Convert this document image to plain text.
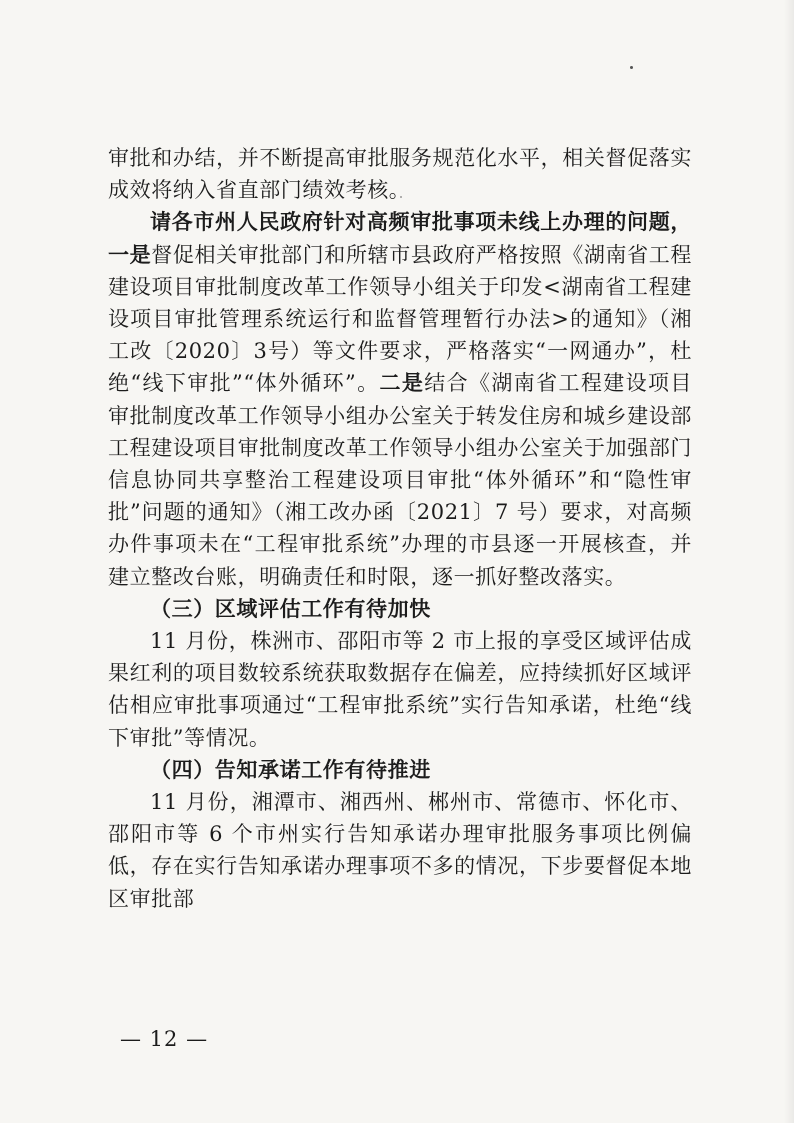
审批和办结，并不断提高审批服务规范化水平，相关督促落实成效将纳入省直部门绩效考核。

请各市州人民政府针对高频审批事项未线上办理的问题，一是督促相关审批部门和所辖市县政府严格按照《湖南省工程建设项目审批制度改革工作领导小组关于印发<湖南省工程建设项目审批管理系统运行和监督管理暂行办法>的通知》（湘工改〔2020〕3号）等文件要求，严格落实“一网通办”，杜绝“线下审批”“体外循环”。二是结合《湖南省工程建设项目审批制度改革工作领导小组办公室关于转发住房和城乡建设部工程建设项目审批制度改革工作领导小组办公室关于加强部门信息协同共享整治工程建设项目审批“体外循环”和“隐性审批”问题的通知》（湘工改办函〔2021〕7 号）要求，对高频办件事项未在“工程审批系统”办理的市县逐一开展核查，并建立整改台账，明确责任和时限，逐一抓好整改落实。

（三）区域评估工作有待加快

11 月份，株洲市、邵阳市等 2 市上报的享受区域评估成果红利的项目数较系统获取数据存在偏差，应持续抓好区域评估相应审批事项通过“工程审批系统”实行告知承诺，杜绝“线下审批”等情况。

（四）告知承诺工作有待推进

11 月份，湘潭市、湘西州、郴州市、常德市、怀化市、邵阳市等 6 个市州实行告知承诺办理审批服务事项比例偏低，存在实行告知承诺办理事项不多的情况，下步要督促本地区审批部

— 12 —
